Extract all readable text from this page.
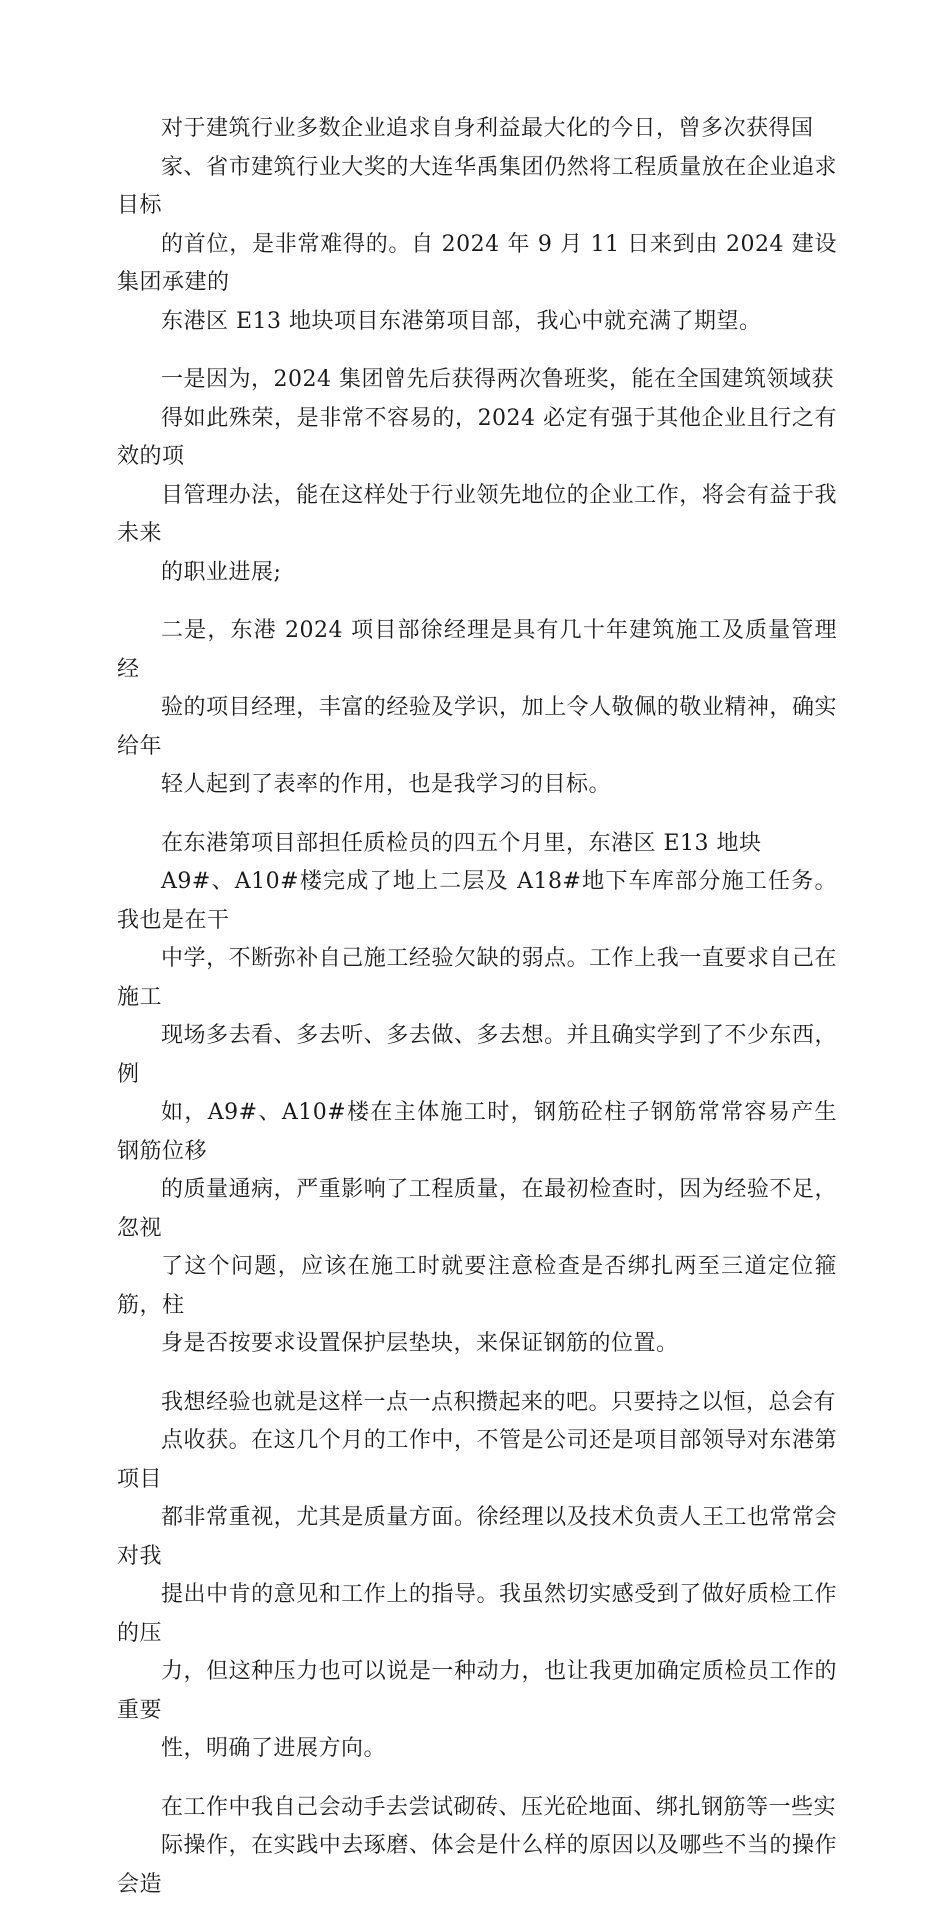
对于建筑行业多数企业追求自身利益最大化的今日，曾多次获得国
家、省市建筑行业大奖的大连华禹集团仍然将工程质量放在企业追求目标
的首位，是非常难得的。自 2024 年 9 月 11 日来到由 2024 建设集团承建的
东港区 E13 地块项目东港第项目部，我心中就充满了期望。

一是因为，2024 集团曾先后获得两次鲁班奖，能在全国建筑领域获
得如此殊荣，是非常不容易的，2024 必定有强于其他企业且行之有效的项
目管理办法，能在这样处于行业领先地位的企业工作，将会有益于我未来
的职业进展;

二是，东港 2024 项目部徐经理是具有几十年建筑施工及质量管理经
验的项目经理，丰富的经验及学识，加上令人敬佩的敬业精神，确实给年
轻人起到了表率的作用，也是我学习的目标。

在东港第项目部担任质检员的四五个月里，东港区 E13 地块
A9#、A10#楼完成了地上二层及 A18#地下车库部分施工任务。我也是在干
中学，不断弥补自己施工经验欠缺的弱点。工作上我一直要求自己在施工
现场多去看、多去听、多去做、多去想。并且确实学到了不少东西，例
如，A9#、A10#楼在主体施工时，钢筋砼柱子钢筋常常容易产生钢筋位移
的质量通病，严重影响了工程质量，在最初检查时，因为经验不足，忽视
了这个问题，应该在施工时就要注意检查是否绑扎两至三道定位箍筋，柱
身是否按要求设置保护层垫块，来保证钢筋的位置。

我想经验也就是这样一点一点积攒起来的吧。只要持之以恒，总会有
点收获。在这几个月的工作中，不管是公司还是项目部领导对东港第项目
都非常重视，尤其是质量方面。徐经理以及技术负责人王工也常常会对我
提出中肯的意见和工作上的指导。我虽然切实感受到了做好质检工作的压
力，但这种压力也可以说是一种动力，也让我更加确定质检员工作的重要
性，明确了进展方向。

在工作中我自己会动手去尝试砌砖、压光砼地面、绑扎钢筋等一些实
际操作，在实践中去琢磨、体会是什么样的原因以及哪些不当的操作会造
